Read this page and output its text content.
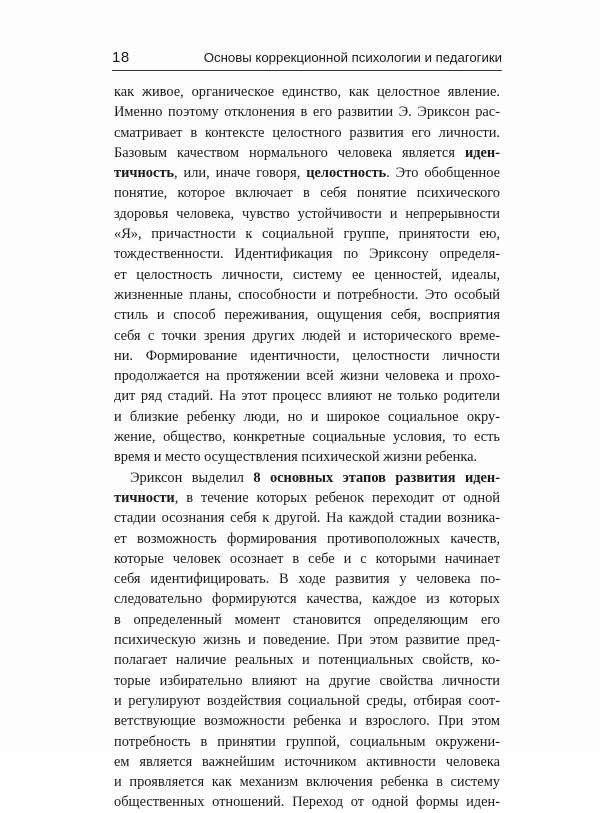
18	Основы коррекционной психологии и педагогики
как живое, органическое единство, как целостное явление.
Именно поэтому отклонения в его развитии Э. Эриксон рас-
сматривает в контексте целостного развития его личности.
Базовым качеством нормального человека является иден-
тичность, или, иначе говоря, целостность. Это обобщенное
понятие, которое включает в себя понятие психического
здоровья человека, чувство устойчивости и непрерывности
«Я», причастности к социальной группе, принятости ею,
тождественности. Идентификация по Эриксону определя-
ет целостность личности, систему ее ценностей, идеалы,
жизненные планы, способности и потребности. Это особый
стиль и способ переживания, ощущения себя, восприятия
себя с точки зрения других людей и исторического време-
ни. Формирование идентичности, целостности личности
продолжается на протяжении всей жизни человека и прохо-
дит ряд стадий. На этот процесс влияют не только родители
и близкие ребенку люди, но и широкое социальное окру-
жение, общество, конкретные социальные условия, то есть
время и место осуществления психической жизни ребенка.
Эриксон выделил 8 основных этапов развития иден-
тичности, в течение которых ребенок переходит от одной
стадии осознания себя к другой. На каждой стадии возника-
ет возможность формирования противоположных качеств,
которые человек осознает в себе и с которыми начинает
себя идентифицировать. В ходе развития у человека по-
следовательно формируются качества, каждое из которых
в определенный момент становится определяющим его
психическую жизнь и поведение. При этом развитие пред-
полагает наличие реальных и потенциальных свойств, ко-
торые избирательно влияют на другие свойства личности
и регулируют воздействия социальной среды, отбирая соот-
ветствующие возможности ребенка и взрослого. При этом
потребность в принятии группой, социальным окружени-
ем является важнейшим источником активности человека
и проявляется как механизм включения ребенка в систему
общественных отношений. Переход от одной формы иден-
